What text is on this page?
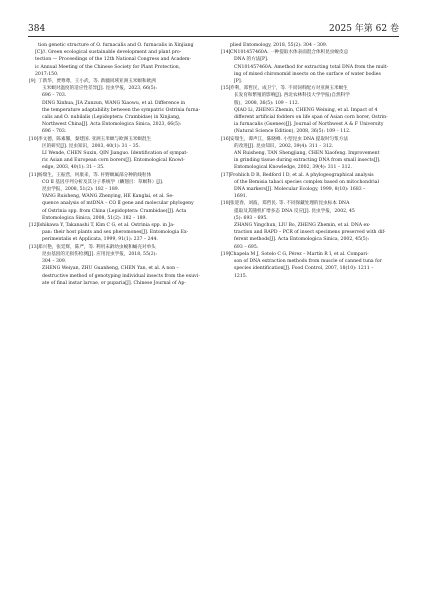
384	2025 年第 62 卷
tion genetic structure of O. furnacalis and O. furnacalis in Xinjiang
[C]//. Green ecological sustainable development and plant pro-
tection — Proceedings of the 12th National Congress and Academ-
ic Annual Meeting of the Chinese Society for Plant Protection,
2017:150.
[9] 丁新华，贾尊尊，王小武，等. 新疆同域亚洲玉米螟和欧洲
玉米螟对温度的适应性差异[J]. 昆虫学报，2023, 66(5):
696 – 703.
DING Xinhua, JIA Zunzun, WANG Xiaowu, et al. Difference in
the temperature adaptability between the sympatric Ostrinia furna-
calis and O. nubilalis (Lepidoptera: Crambidae) in Xinjiang,
Northwest China[J]. Acta Entomologica Sinica, 2023, 66(5):
696 – 703.
[10] 李文德，陈素馨，秦建国. 亚洲玉米螟与欧洲玉米螟混生
区的研究[J]. 昆虫知识，2003, 40(1): 31 – 35.
LI Wende, CHEN Suxin, QIN Jianguo. Identification of sympat-
ric Asian and European corn borers[J]. Entomological Knowl-
edge, 2003, 40(1): 31 – 35.
[11] 杨瑞生，王振营，何康来，等. 秆野螟属部分种的线粒体
CO Ⅱ 基因序列分析及其分子系统学（鳞翅目：草螟科）[J].
昆虫学报，2008, 51(2): 182 – 189.
YANG Ruisheng, WANG Zhenying, HE Kanglai, et al. Se-
quence analysis of mtDNA – CO Ⅱ gene and molecular phylogeny
of Ostrinia spp. from China (Lepidoptera: Crambidae)[J]. Acta
Entomologica Sinica, 2008, 51(2): 182 – 189.
[12] Ishikawa Y, Takanashi T, Kim C G, et al. Ostrinia spp. in Ja-
pan: their host plants and sex pheromones[J]. Entomologia Ex-
perimentalis et Applicata, 1999, 91(1): 237 – 244.
[13] 郑兴艳，张廷辉，陈严，等. 利用末龄幼虫蜕和蛹壳对单头
昆虫基因的无损伤检测[J]. 应用昆虫学报，2018, 55(2):
304 – 309.
ZHENG Weiyan, ZHU Guanheng, CHEN Yan, et al. A non –
destructive method of genotyping individual insects from the exuvi-
ate of final instar larvae, or puparia[J]. Chinese Journal of Ap-
plied Entomology, 2018, 55(2): 304 – 309.
[14] CN101457460A. 一种提取水体表面混合体积昆虫蜕皮总
DNA 的方法[P].
CN101457460A. Amethod for extracting total DNA from the mult-
ing of mixed chironomid insects on the surface of water bodies
[P].
[15] 乔利，郑哲民，成卫宁，等. 不同饲料配方对亚洲玉米螟生
长发育和繁殖的影响[J]. 西北农林科技大学学报(自然科学
版)，2008, 36(5): 109 – 112.
QIAO Li, ZHENG Zhemin, CHENG Weining, et al. Impact of 4
different artificial fodders on life span of Asian corn borer, Ostrin-
ia furnacalis (Guenee)[J]. Journal of Northwest A & F University
(Natural Science Edition), 2008, 36(5): 109 – 112.
[16] 安瑞生，谭声江，陈晓峰. 小型昆虫 DNA 提取时匀浆方法
的改进[J]. 昆虫知识，2002, 39(4): 311 – 312.
AN Ruisheng, TAN Shengjiang, CHEN Xiaofeng. Improvement
in grinding tissue during extracting DNA from small insects[J].
Entomological Knowledge, 2002, 39(4): 311 – 312.
[17] Frohlich D R, Bedford I D, et al. A phylogeographical analysis
of the Bemisia tabaci species complex based on mitochondrial
DNA markers[J]. Molecular Ecology, 1999, 8(10): 1683 –
1691.
[18] 张迎春，刘波，郑哲民. 等. 不同保藏处理的昆虫标本 DNA
提取及其随机扩增多态 DNA 反应[J]. 昆虫学报，2002, 45
(5): 693 – 695.
ZHANG Yingchun, LIU Bo, ZHENG Zhemin, et al. DNA ex-
traction and RAPD – PCR of insect specimens preserved with dif-
ferent methods[J]. Acta Entomologica Sinica, 2002, 45(5):
693 – 695.
[19] Chapela M J, Sotelo C G, Pérez – Martín R I, et al. Compari-
son of DNA extraction methods from muscle of canned tuna for
species identification[J]. Food Control, 2007, 18(10): 1211 –
1215.
